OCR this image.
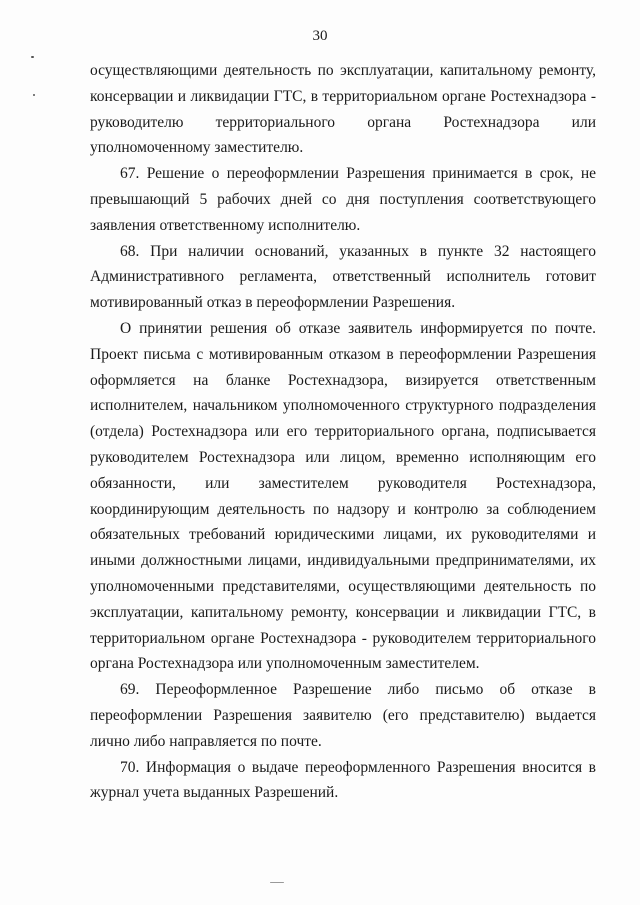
30

осуществляющими деятельность по эксплуатации, капитальному ремонту, консервации и ликвидации ГТС, в территориальном органе Ростехнадзора - руководителю территориального органа Ростехнадзора или уполномоченному заместителю.

67. Решение о переоформлении Разрешения принимается в срок, не превышающий 5 рабочих дней со дня поступления соответствующего заявления ответственному исполнителю.

68. При наличии оснований, указанных в пункте 32 настоящего Административного регламента, ответственный исполнитель готовит мотивированный отказ в переоформлении Разрешения.

О принятии решения об отказе заявитель информируется по почте. Проект письма с мотивированным отказом в переоформлении Разрешения оформляется на бланке Ростехнадзора, визируется ответственным исполнителем, начальником уполномоченного структурного подразделения (отдела) Ростехнадзора или его территориального органа, подписывается руководителем Ростехнадзора или лицом, временно исполняющим его обязанности, или заместителем руководителя Ростехнадзора, координирующим деятельность по надзору и контролю за соблюдением обязательных требований юридическими лицами, их руководителями и иными должностными лицами, индивидуальными предпринимателями, их уполномоченными представителями, осуществляющими деятельность по эксплуатации, капитальному ремонту, консервации и ликвидации ГТС, в территориальном органе Ростехнадзора - руководителем территориального органа Ростехнадзора или уполномоченным заместителем.

69. Переоформленное Разрешение либо письмо об отказе в переоформлении Разрешения заявителю (его представителю) выдается лично либо направляется по почте.

70. Информация о выдаче переоформленного Разрешения вносится в журнал учета выданных Разрешений.
